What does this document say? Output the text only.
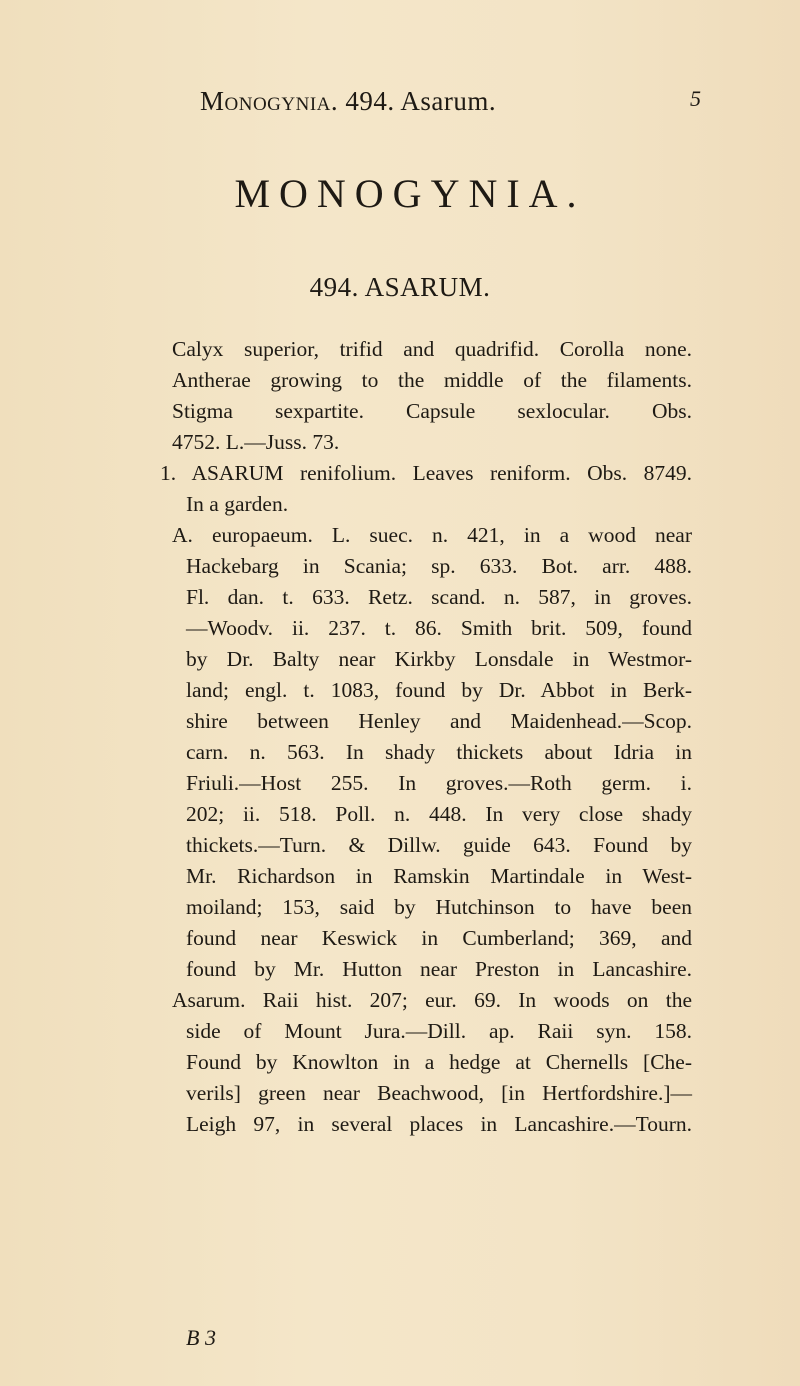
Monogynia. 494. Asarum.	5
MONOGYNIA.
494. ASARUM.
Calyx superior, trifid and quadrifid. Corolla none.
Antherae growing to the middle of the filaments.
Stigma sexpartite. Capsule sexlocular. Obs.
4752. L.—Juss. 73.
1. ASARUM renifolium. Leaves reniform. Obs. 8749.
In a garden.
A. europaeum. L. suec. n. 421, in a wood near
Hackebarg in Scania; sp. 633. Bot. arr. 488.
Fl. dan. t. 633. Retz. scand. n. 587, in groves.
—Woodv. ii. 237. t. 86. Smith brit. 509, found
by Dr. Balty near Kirkby Lonsdale in Westmor-
land; engl. t. 1083, found by Dr. Abbot in Berk-
shire between Henley and Maidenhead.—Scop.
carn. n. 563. In shady thickets about Idria in
Friuli.—Host 255. In groves.—Roth germ. i.
202; ii. 518. Poll. n. 448. In very close shady
thickets.—Turn. & Dillw. guide 643. Found by
Mr. Richardson in Ramskin Martindale in West-
moiland; 153, said by Hutchinson to have been
found near Keswick in Cumberland; 369, and
found by Mr. Hutton near Preston in Lancashire.
Asarum. Raii hist. 207; eur. 69. In woods on the
side of Mount Jura.—Dill. ap. Raii syn. 158.
Found by Knowlton in a hedge at Chernells [Che-
verils] green near Beachwood, [in Hertfordshire.]—
Leigh 97, in several places in Lancashire.—Tourn.
B 3
